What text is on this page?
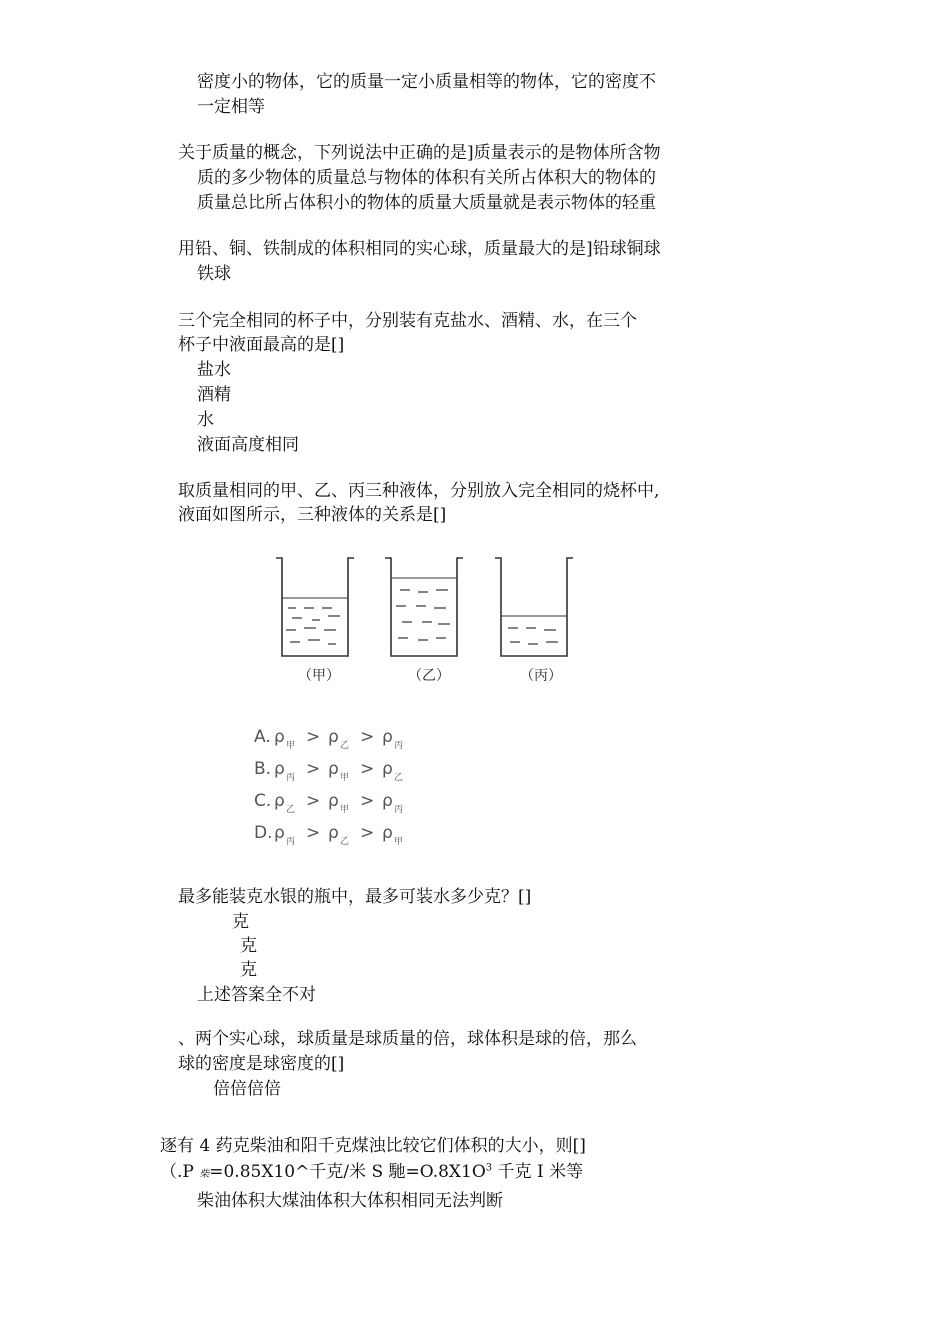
密度小的物体，它的质量一定小质量相等的物体，它的密度不
一定相等
关于质量的概念，下列说法中正确的是]质量表示的是物体所含物
质的多少物体的质量总与物体的体积有关所占体积大的物体的
质量总比所占体积小的物体的质量大质量就是表示物体的轻重
用铅、铜、铁制成的体积相同的实心球，质量最大的是]铅球铜球
铁球
三个完全相同的杯子中，分别装有克盐水、酒精、水，在三个
杯子中液面最高的是[]
盐水
酒精
水
液面高度相同
取质量相同的甲、乙、丙三种液体，分别放入完全相同的烧杯中,
液面如图所示，三种液体的关系是[]
（甲）	（乙）	（丙）
A. ρ 甲 > ρ 乙 > ρ 丙
B. ρ 丙 > ρ 甲 > ρ 乙
C. ρ 乙 > ρ 甲 > ρ 丙
D. ρ 丙 > ρ 乙 > ρ 甲
最多能装克水银的瓶中，最多可装水多少克？[]
克
克
克
上述答案全不对
、两个实心球，球质量是球质量的倍，球体积是球的倍，那么
球的密度是球密度的[]
倍倍倍倍
逐有 4 药克柴油和阳千克煤浊比较它们体积的大小，则[]
（.P 柴=0.85X10^千克/米 S 馳$=O.8X1O^3$ 千克 I 米等
柴油体积大煤油体积大体积相同无法判断
